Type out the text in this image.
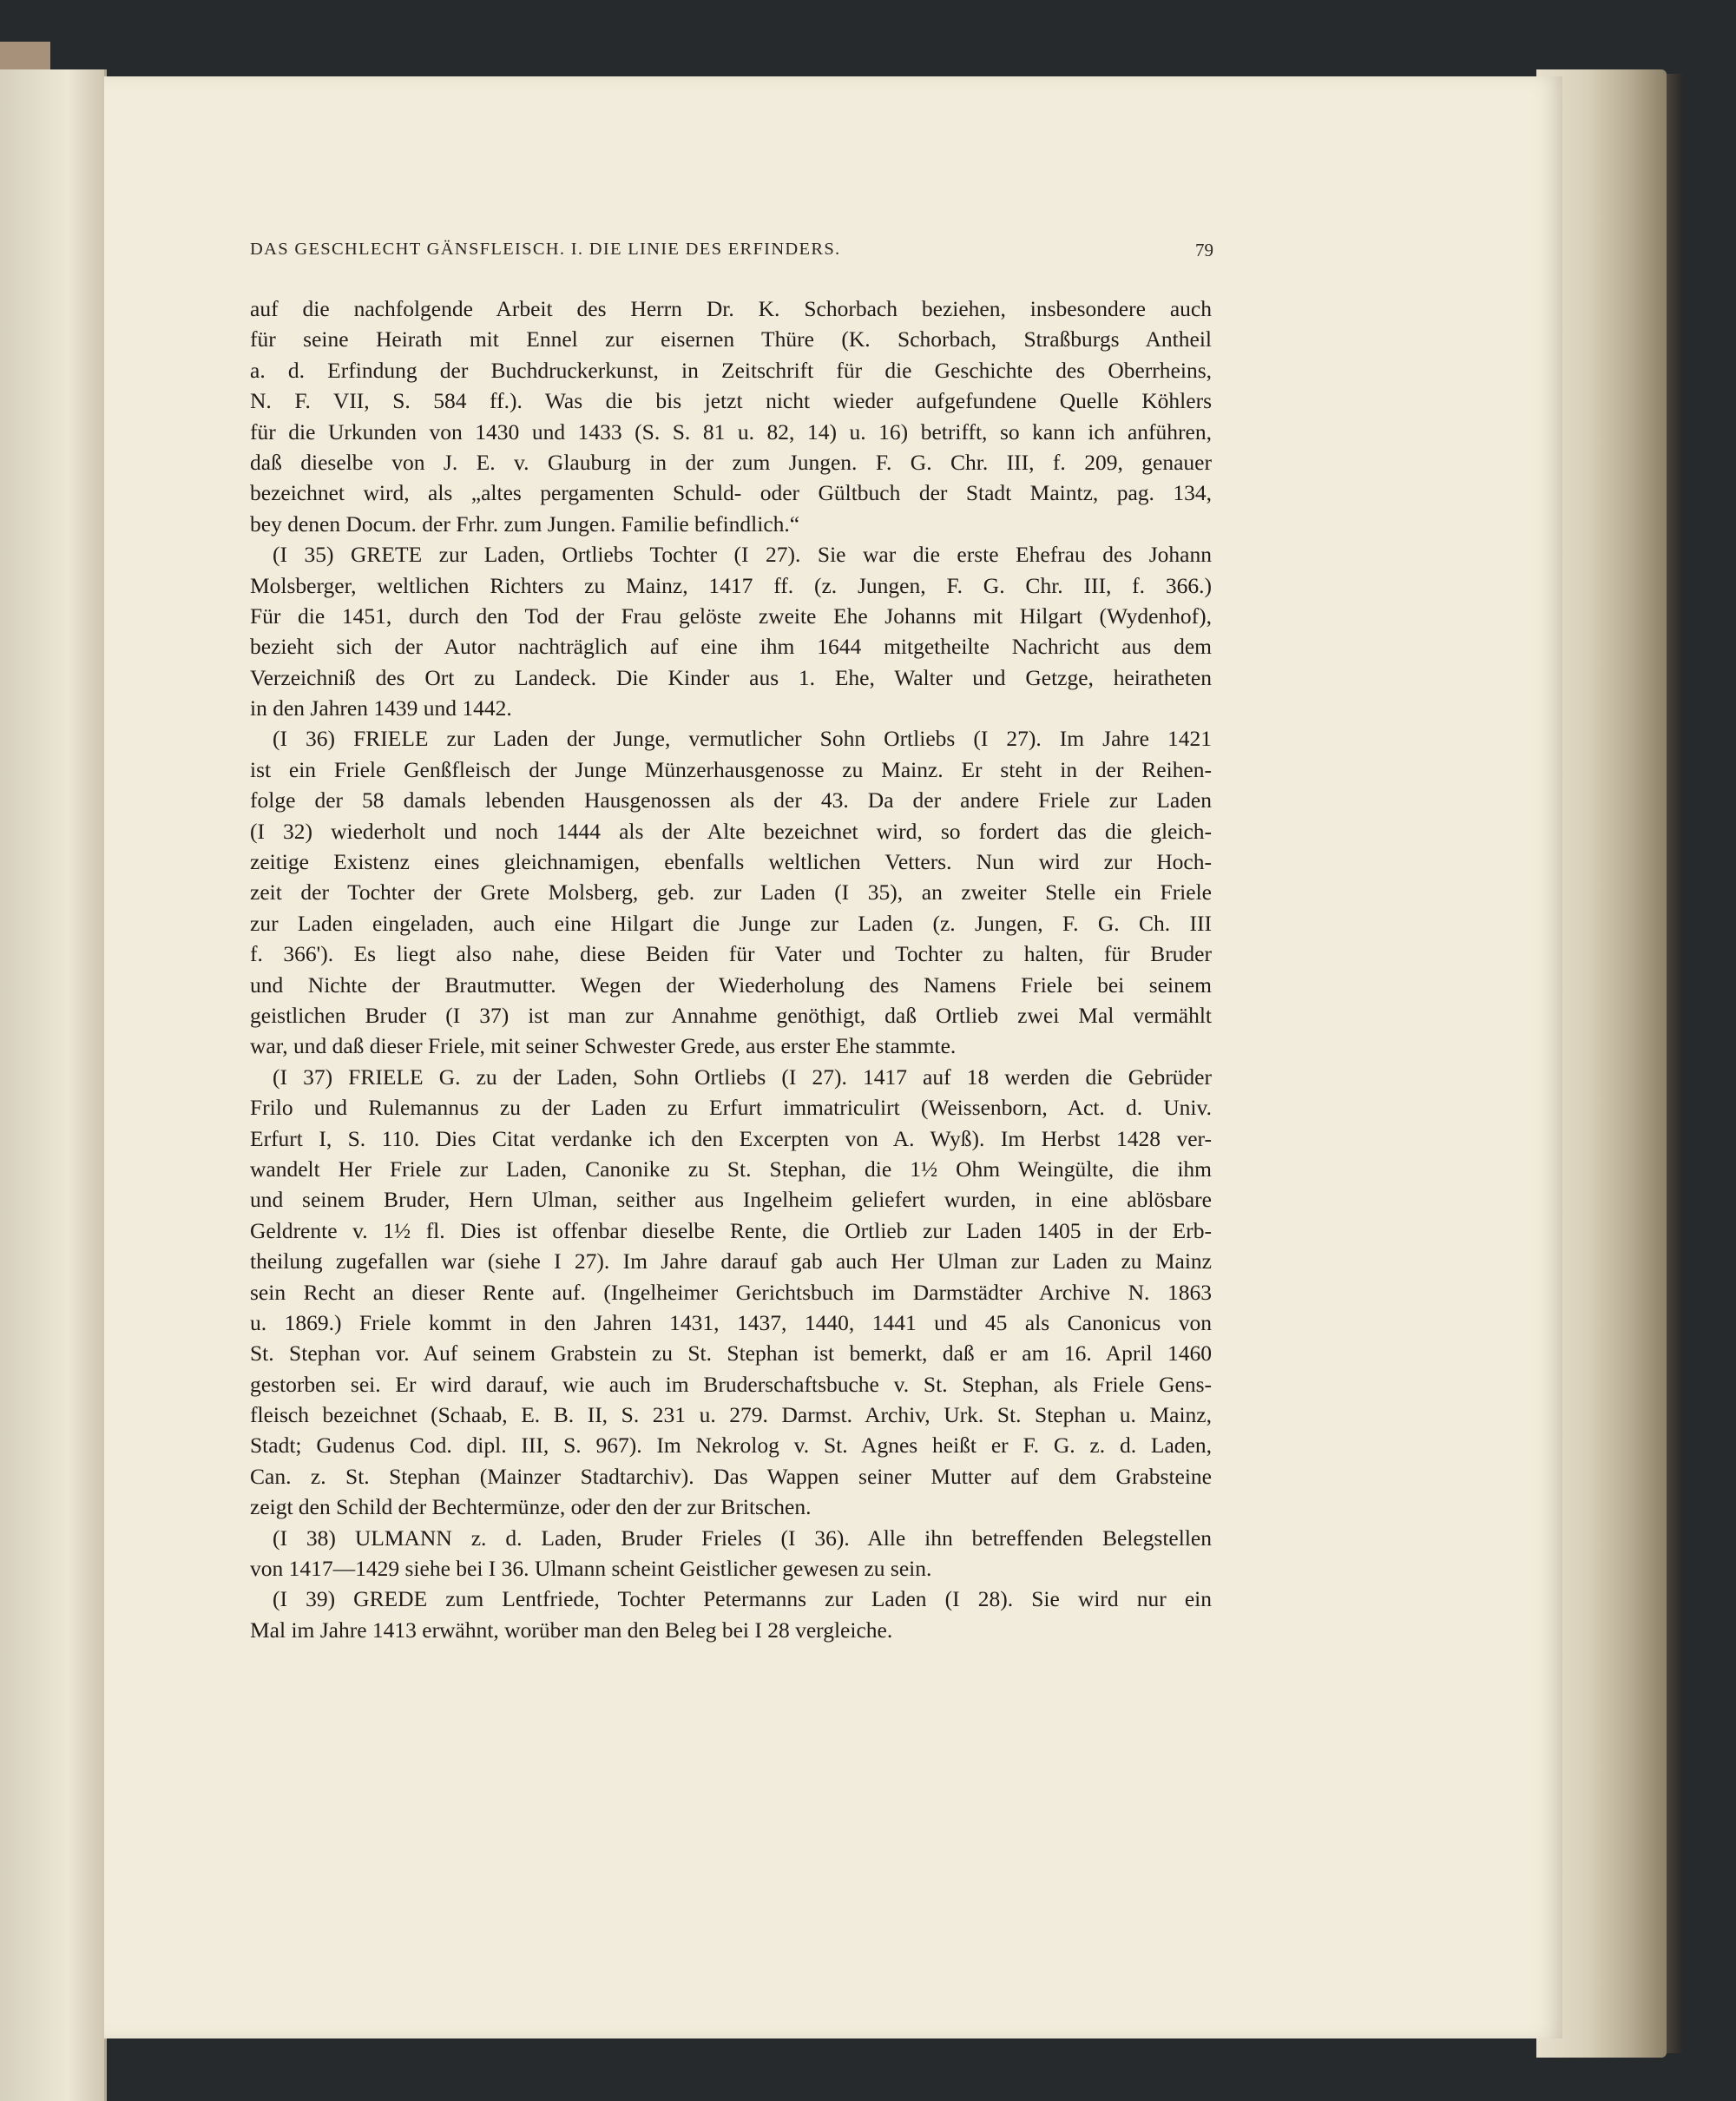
DAS GESCHLECHT GÄNSFLEISCH. I. DIE LINIE DES ERFINDERS.	79
auf die nachfolgende Arbeit des Herrn Dr. K. Schorbach beziehen, insbesondere auch
für seine Heirath mit Ennel zur eisernen Thüre (K. Schorbach, Straßburgs Antheil
a. d. Erfindung der Buchdruckerkunst, in Zeitschrift für die Geschichte des Oberrheins,
N. F. VII, S. 584 ff.). Was die bis jetzt nicht wieder aufgefundene Quelle Köhlers
für die Urkunden von 1430 und 1433 (S. S. 81 u. 82, 14) u. 16) betrifft, so kann ich anführen,
daß dieselbe von J. E. v. Glauburg in der zum Jungen. F. G. Chr. III, f. 209, genauer
bezeichnet wird, als „altes pergamenten Schuld- oder Gültbuch der Stadt Maintz, pag. 134,
bey denen Docum. der Frhr. zum Jungen. Familie befindlich.“
(I 35) GRETE zur Laden, Ortliebs Tochter (I 27). Sie war die erste Ehefrau des Johann
Molsberger, weltlichen Richters zu Mainz, 1417 ff. (z. Jungen, F. G. Chr. III, f. 366.)
Für die 1451, durch den Tod der Frau gelöste zweite Ehe Johanns mit Hilgart (Wydenhof),
bezieht sich der Autor nachträglich auf eine ihm 1644 mitgetheilte Nachricht aus dem
Verzeichniß des Ort zu Landeck. Die Kinder aus 1. Ehe, Walter und Getzge, heiratheten
in den Jahren 1439 und 1442.
(I 36) FRIELE zur Laden der Junge, vermutlicher Sohn Ortliebs (I 27). Im Jahre 1421
ist ein Friele Genßfleisch der Junge Münzerhausgenosse zu Mainz. Er steht in der Reihen-
folge der 58 damals lebenden Hausgenossen als der 43. Da der andere Friele zur Laden
(I 32) wiederholt und noch 1444 als der Alte bezeichnet wird, so fordert das die gleich-
zeitige Existenz eines gleichnamigen, ebenfalls weltlichen Vetters. Nun wird zur Hoch-
zeit der Tochter der Grete Molsberg, geb. zur Laden (I 35), an zweiter Stelle ein Friele
zur Laden eingeladen, auch eine Hilgart die Junge zur Laden (z. Jungen, F. G. Ch. III
f. 366'). Es liegt also nahe, diese Beiden für Vater und Tochter zu halten, für Bruder
und Nichte der Brautmutter. Wegen der Wiederholung des Namens Friele bei seinem
geistlichen Bruder (I 37) ist man zur Annahme genöthigt, daß Ortlieb zwei Mal vermählt
war, und daß dieser Friele, mit seiner Schwester Grede, aus erster Ehe stammte.
(I 37) FRIELE G. zu der Laden, Sohn Ortliebs (I 27). 1417 auf 18 werden die Gebrüder
Frilo und Rulemannus zu der Laden zu Erfurt immatriculirt (Weissenborn, Act. d. Univ.
Erfurt I, S. 110. Dies Citat verdanke ich den Excerpten von A. Wyß). Im Herbst 1428 ver-
wandelt Her Friele zur Laden, Canonike zu St. Stephan, die 1½ Ohm Weingülte, die ihm
und seinem Bruder, Hern Ulman, seither aus Ingelheim geliefert wurden, in eine ablösbare
Geldrente v. 1½ fl. Dies ist offenbar dieselbe Rente, die Ortlieb zur Laden 1405 in der Erb-
theilung zugefallen war (siehe I 27). Im Jahre darauf gab auch Her Ulman zur Laden zu Mainz
sein Recht an dieser Rente auf. (Ingelheimer Gerichtsbuch im Darmstädter Archive N. 1863
u. 1869.) Friele kommt in den Jahren 1431, 1437, 1440, 1441 und 45 als Canonicus von
St. Stephan vor. Auf seinem Grabstein zu St. Stephan ist bemerkt, daß er am 16. April 1460
gestorben sei. Er wird darauf, wie auch im Bruderschaftsbuche v. St. Stephan, als Friele Gens-
fleisch bezeichnet (Schaab, E. B. II, S. 231 u. 279. Darmst. Archiv, Urk. St. Stephan u. Mainz,
Stadt; Gudenus Cod. dipl. III, S. 967). Im Nekrolog v. St. Agnes heißt er F. G. z. d. Laden,
Can. z. St. Stephan (Mainzer Stadtarchiv). Das Wappen seiner Mutter auf dem Grabsteine
zeigt den Schild der Bechtermünze, oder den der zur Britschen.
(I 38) ULMANN z. d. Laden, Bruder Frieles (I 36). Alle ihn betreffenden Belegstellen
von 1417—1429 siehe bei I 36. Ulmann scheint Geistlicher gewesen zu sein.
(I 39) GREDE zum Lentfriede, Tochter Petermanns zur Laden (I 28). Sie wird nur ein
Mal im Jahre 1413 erwähnt, worüber man den Beleg bei I 28 vergleiche.
